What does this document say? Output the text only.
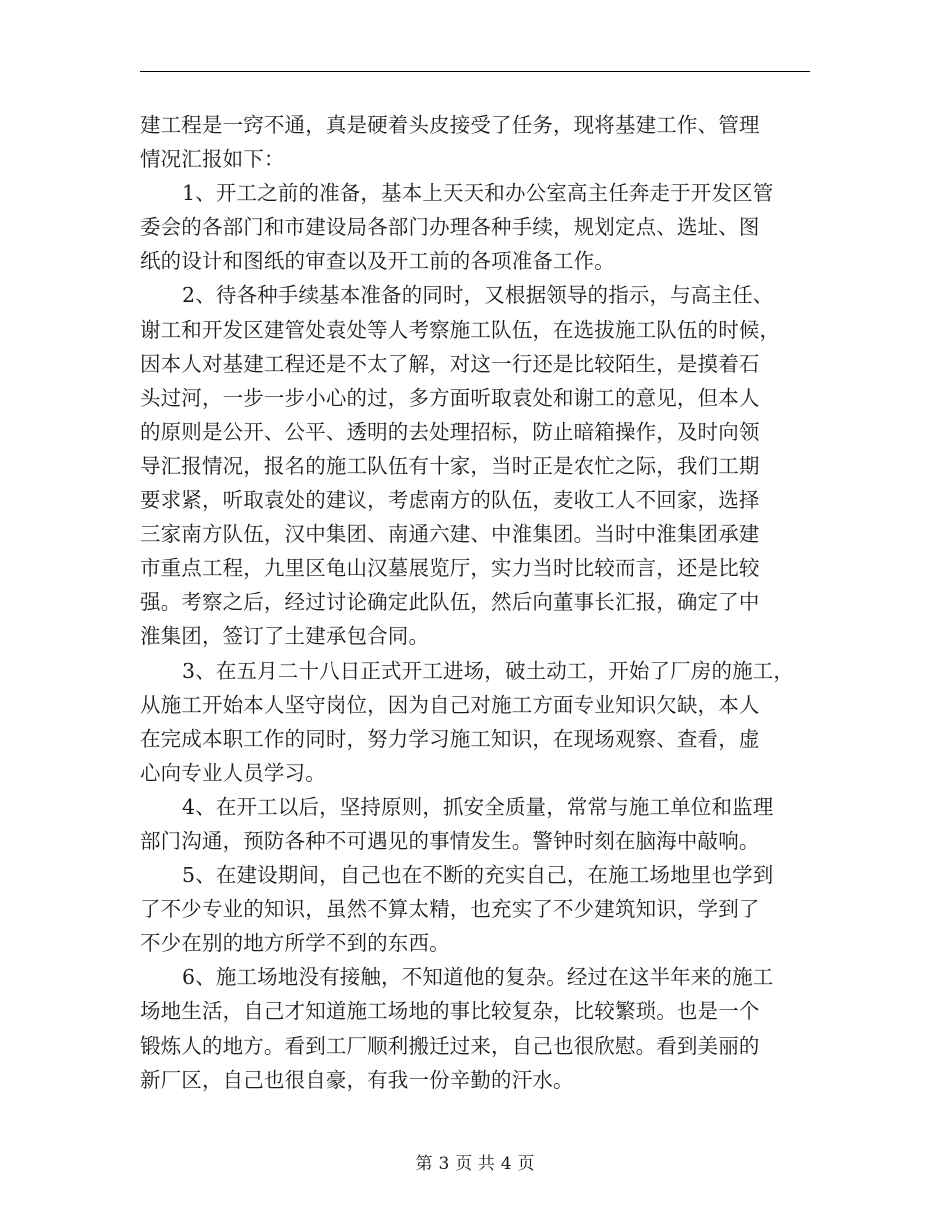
建工程是一窍不通，真是硬着头皮接受了任务，现将基建工作、管理
情况汇报如下：
1、开工之前的准备，基本上天天和办公室高主任奔走于开发区管
委会的各部门和市建设局各部门办理各种手续，规划定点、选址、图
纸的设计和图纸的审查以及开工前的各项准备工作。
2、待各种手续基本准备的同时，又根据领导的指示，与高主任、
谢工和开发区建管处袁处等人考察施工队伍，在选拔施工队伍的时候，
因本人对基建工程还是不太了解，对这一行还是比较陌生，是摸着石
头过河，一步一步小心的过，多方面听取袁处和谢工的意见，但本人
的原则是公开、公平、透明的去处理招标，防止暗箱操作，及时向领
导汇报情况，报名的施工队伍有十家，当时正是农忙之际，我们工期
要求紧，听取袁处的建议，考虑南方的队伍，麦收工人不回家，选择
三家南方队伍，汉中集团、南通六建、中淮集团。当时中淮集团承建
市重点工程，九里区龟山汉墓展览厅，实力当时比较而言，还是比较
强。考察之后，经过讨论确定此队伍，然后向董事长汇报，确定了中
淮集团，签订了土建承包合同。
3、在五月二十八日正式开工进场，破土动工，开始了厂房的施工，
从施工开始本人坚守岗位，因为自己对施工方面专业知识欠缺，本人
在完成本职工作的同时，努力学习施工知识，在现场观察、查看，虚
心向专业人员学习。
4、在开工以后，坚持原则，抓安全质量，常常与施工单位和监理
部门沟通，预防各种不可遇见的事情发生。警钟时刻在脑海中敲响。
5、在建设期间，自己也在不断的充实自己，在施工场地里也学到
了不少专业的知识，虽然不算太精，也充实了不少建筑知识，学到了
不少在别的地方所学不到的东西。
6、施工场地没有接触，不知道他的复杂。经过在这半年来的施工
场地生活，自己才知道施工场地的事比较复杂，比较繁琐。也是一个
锻炼人的地方。看到工厂顺利搬迁过来，自己也很欣慰。看到美丽的
新厂区，自己也很自豪，有我一份辛勤的汗水。
第 3 页 共 4 页
